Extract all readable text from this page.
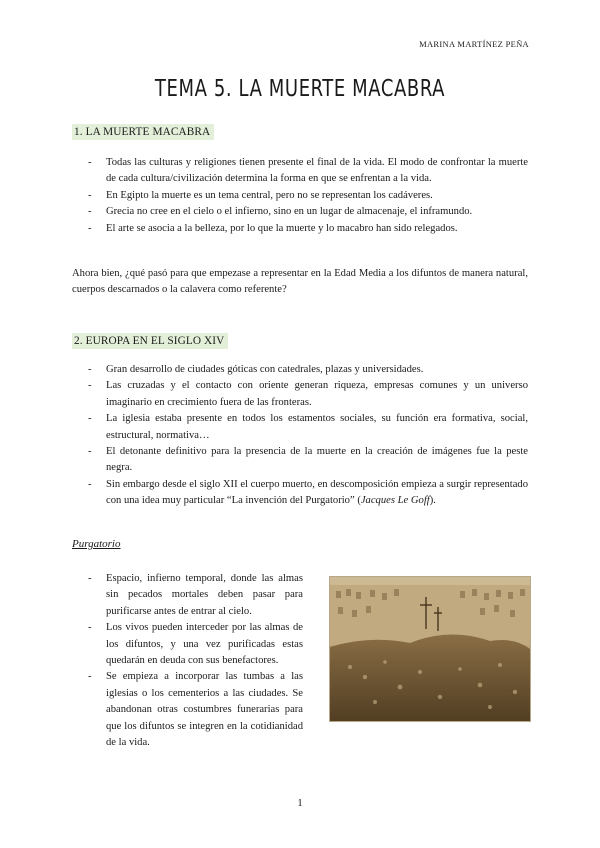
MARINA MARTÍNEZ PEÑA
TEMA 5. LA MUERTE MACABRA
1. LA MUERTE MACABRA
- Todas las culturas y religiones tienen presente el final de la vida. El modo de confrontar la muerte de cada cultura/civilización determina la forma en que se enfrentan a la vida.
- En Egipto la muerte es un tema central, pero no se representan los cadáveres.
- Grecia no cree en el cielo o el infierno, sino en un lugar de almacenaje, el inframundo.
- El arte se asocia a la belleza, por lo que la muerte y lo macabro han sido relegados.

Ahora bien, ¿qué pasó para que empezase a representar en la Edad Media a los difuntos de manera natural, cuerpos descarnados o la calavera como referente?

2. EUROPA EN EL SIGLO XIV
- Gran desarrollo de ciudades góticas con catedrales, plazas y universidades.
- Las cruzadas y el contacto con oriente generan riqueza, empresas comunes y un universo imaginario en crecimiento fuera de las fronteras.
- La iglesia estaba presente en todos los estamentos sociales, su función era formativa, social, estructural, normativa…
- El detonante definitivo para la presencia de la muerte en la creación de imágenes fue la peste negra.
- Sin embargo desde el siglo XII el cuerpo muerto, en descomposición empieza a surgir representado con una idea muy particular “La invención del Purgatorio” (Jacques Le Goff).
Purgatorio
- Espacio, infierno temporal, donde las almas sin pecados mortales deben pasar para purificarse antes de entrar al cielo.
- Los vivos pueden interceder por las almas de los difuntos, y una vez purificadas estas quedarán en deuda con sus benefactores.
- Se empieza a incorporar las tumbas a las iglesias o los cementerios a las ciudades. Se abandonan otras costumbres funerarias para que los difuntos se integren en la cotidianidad de la vida.
1
